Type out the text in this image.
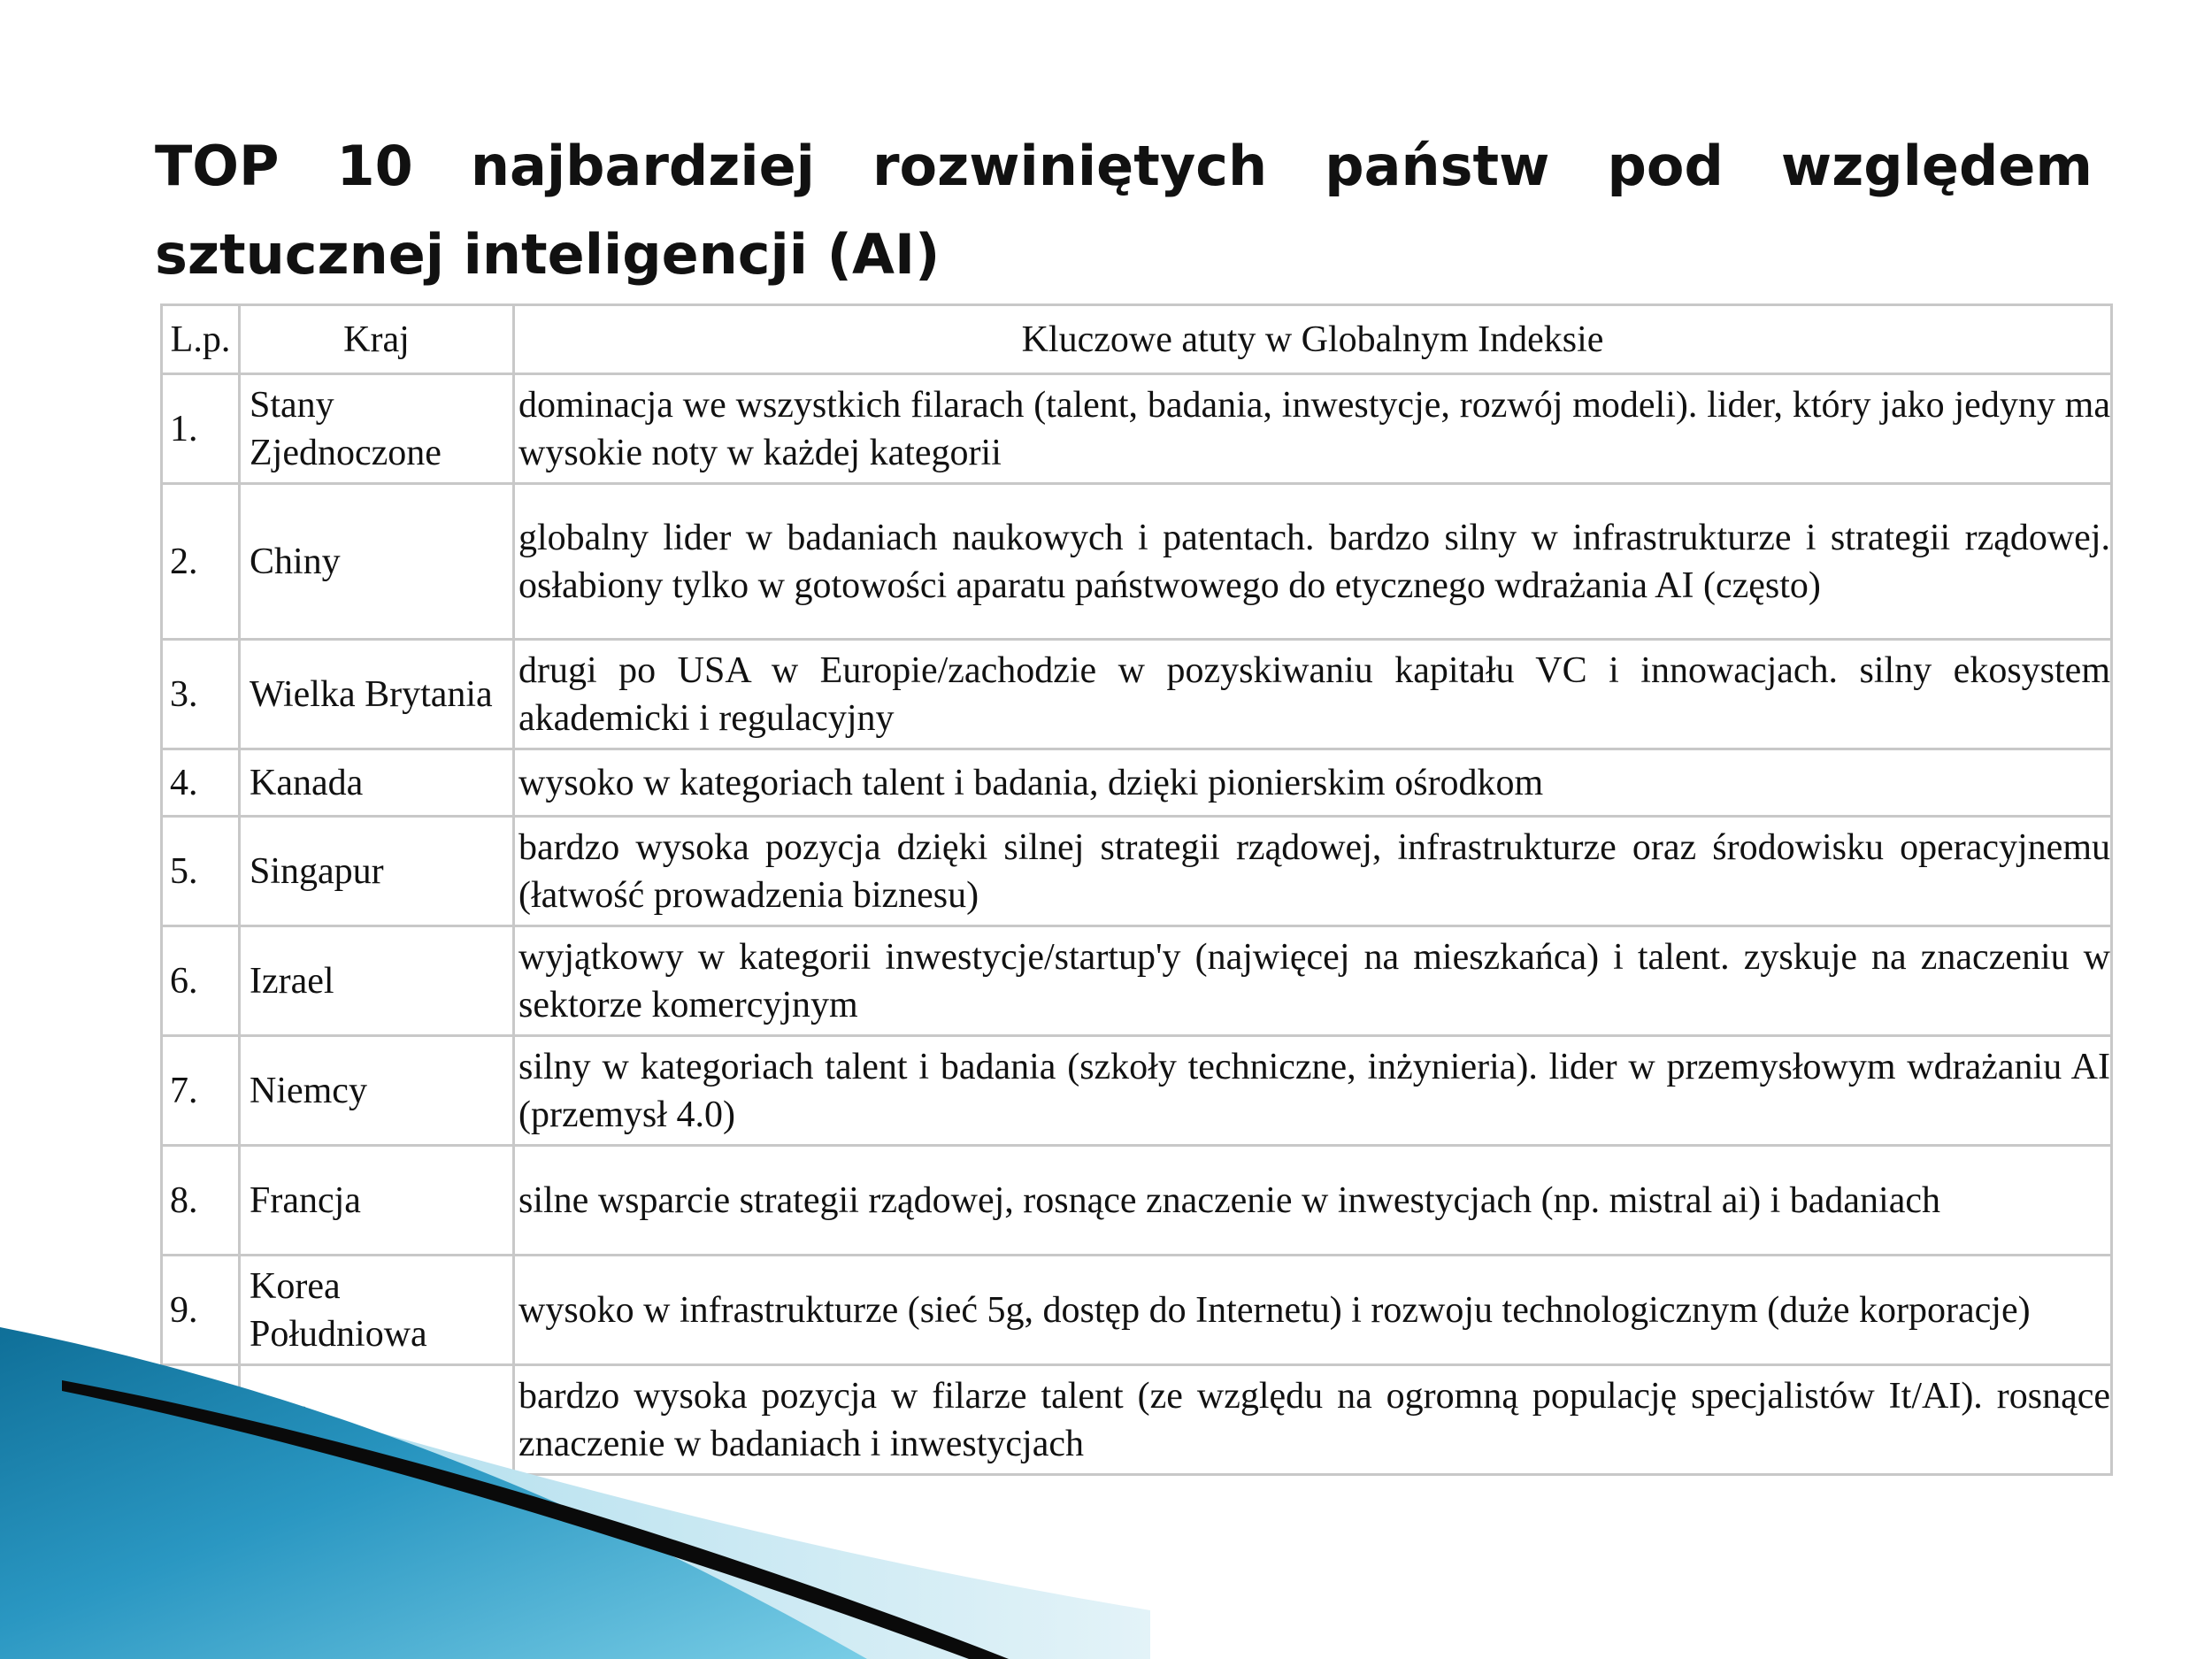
TOP 10 najbardziej rozwiniętych państw pod względem sztucznej inteligencji (AI)
L.p.	Kraj	Kluczowe atuty w Globalnym Indeksie
1.	Stany Zjednoczone	dominacja we wszystkich filarach (talent, badania, inwestycje, rozwój modeli). lider, który jako jedyny ma wysokie noty w każdej kategorii
2.	Chiny	globalny lider w badaniach naukowych i patentach. bardzo silny w infrastrukturze i strategii rządowej. osłabiony tylko w gotowości aparatu państwowego do etycznego wdrażania AI (często)
3.	Wielka Brytania	drugi po USA w Europie/zachodzie w pozyskiwaniu kapitału VC i innowacjach. silny ekosystem akademicki i regulacyjny
4.	Kanada	wysoko w kategoriach talent i badania, dzięki pionierskim ośrodkom
5.	Singapur	bardzo wysoka pozycja dzięki silnej strategii rządowej, infrastrukturze oraz środowisku operacyjnemu (łatwość prowadzenia biznesu)
6.	Izrael	wyjątkowy w kategorii inwestycje/startup'y (najwięcej na mieszkańca) i talent. zyskuje na znaczeniu w sektorze komercyjnym
7.	Niemcy	silny w kategoriach talent i badania (szkoły techniczne, inżynieria). lider w przemysłowym wdrażaniu AI (przemysł 4.0)
8.	Francja	silne wsparcie strategii rządowej, rosnące znaczenie w inwestycjach (np. mistral ai) i badaniach
9.	Korea Południowa	wysoko w infrastrukturze (sieć 5g, dostęp do Internetu) i rozwoju technologicznym (duże korporacje)
		bardzo wysoka pozycja w filarze talent (ze względu na ogromną populację specjalistów It/AI). rosnące znaczenie w badaniach i inwestycjach
